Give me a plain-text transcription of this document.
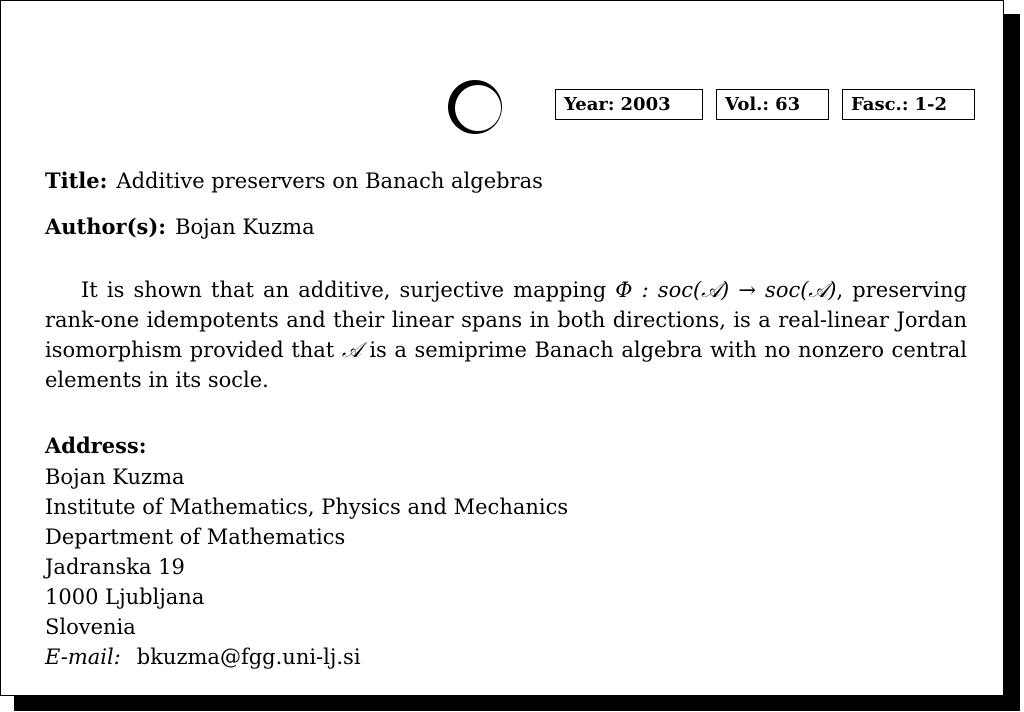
Year: 2003	Vol.: 63	Fasc.: 1-2
Title: Additive preservers on Banach algebras
Author(s): Bojan Kuzma
It is shown that an additive, surjective mapping Φ : soc(𝒜) → soc(𝒜), preserving rank-one idempotents and their linear spans in both directions, is a real-linear Jordan isomorphism provided that 𝒜 is a semiprime Banach algebra with no nonzero central elements in its socle.
Address:
Bojan Kuzma
Institute of Mathematics, Physics and Mechanics
Department of Mathematics
Jadranska 19
1000 Ljubljana
Slovenia
E-mail: bkuzma@fgg.uni-lj.si
